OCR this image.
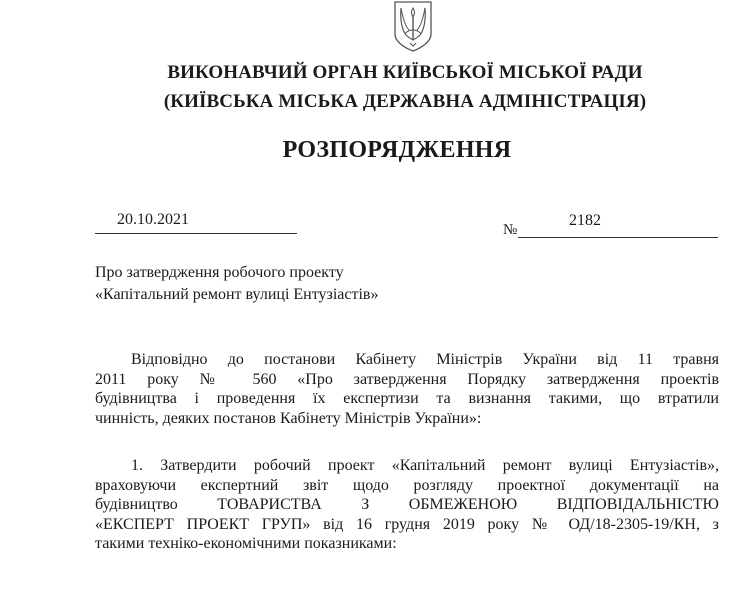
ВИКОНАВЧИЙ ОРГАН КИЇВСЬКОЇ МІСЬКОЇ РАДИ
(КИЇВСЬКА МІСЬКА ДЕРЖАВНА АДМІНІСТРАЦІЯ)
РОЗПОРЯДЖЕННЯ
20.10.2021
№
2182
Про затвердження робочого проекту
«Капітальний ремонт вулиці Ентузіастів»
Відповідно до постанови Кабінету Міністрів України від 11 травня
2011 року № 560 «Про затвердження Порядку затвердження проектів
будівництва і проведення їх експертизи та визнання такими, що втратили
чинність, деяких постанов Кабінету Міністрів України»:
1. Затвердити робочий проект «Капітальний ремонт вулиці Ентузіастів»,
враховуючи експертний звіт щодо розгляду проектної документації на
будівництво ТОВАРИСТВА З ОБМЕЖЕНОЮ ВІДПОВІДАЛЬНІСТЮ
«ЕКСПЕРТ ПРОЕКТ ГРУП» від 16 грудня 2019 року № ОД/18-2305-19/КН, з
такими техніко-економічними показниками:
